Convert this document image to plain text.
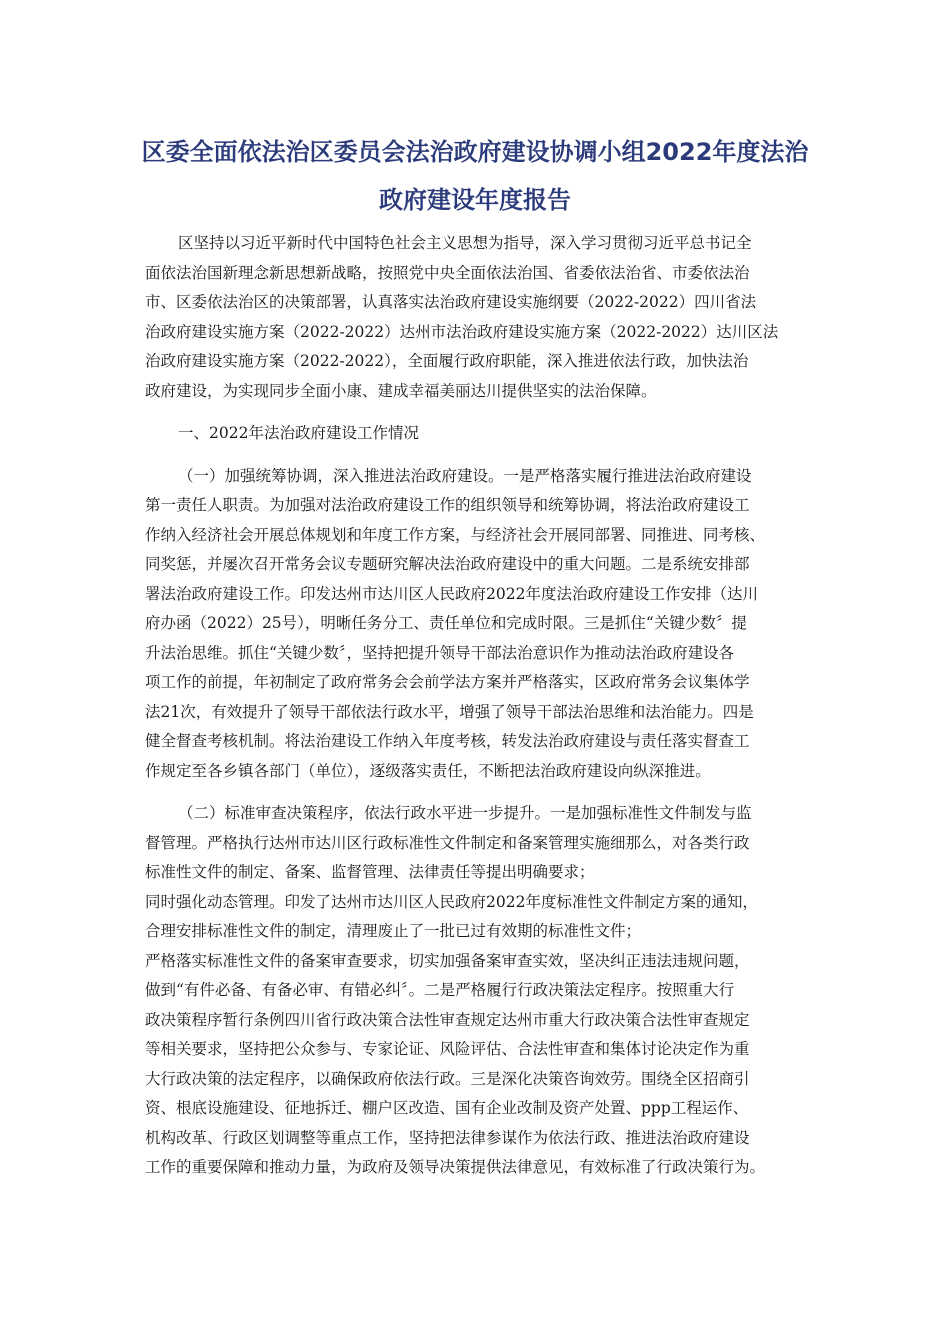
区委全面依法治区委员会法治政府建设协调小组2022年度法治
政府建设年度报告
区坚持以习近平新时代中国特色社会主义思想为指导，深入学习贯彻习近平总书记全
面依法治国新理念新思想新战略，按照党中央全面依法治国、省委依法治省、市委依法治
市、区委依法治区的决策部署，认真落实法治政府建设实施纲要（2022-2022）四川省法
治政府建设实施方案（2022-2022）达州市法治政府建设实施方案（2022-2022）达川区法
治政府建设实施方案（2022-2022），全面履行政府职能，深入推进依法行政，加快法治
政府建设，为实现同步全面小康、建成幸福美丽达川提供坚实的法治保障。
一、2022年法治政府建设工作情况
（一）加强统筹协调，深入推进法治政府建设。一是严格落实履行推进法治政府建设
第一责任人职责。为加强对法治政府建设工作的组织领导和统筹协调，将法治政府建设工
作纳入经济社会开展总体规划和年度工作方案，与经济社会开展同部署、同推进、同考核、
同奖惩，并屡次召开常务会议专题研究解决法治政府建设中的重大问题。二是系统安排部
署法治政府建设工作。印发达州市达川区人民政府2022年度法治政府建设工作安排（达川
府办函（2022）25号），明晰任务分工、责任单位和完成时限。三是抓住“关键少数〞提
升法治思维。抓住“关键少数〞，坚持把提升领导干部法治意识作为推动法治政府建设各
项工作的前提，年初制定了政府常务会会前学法方案并严格落实，区政府常务会议集体学
法21次，有效提升了领导干部依法行政水平，增强了领导干部法治思维和法治能力。四是
健全督查考核机制。将法治建设工作纳入年度考核，转发法治政府建设与责任落实督查工
作规定至各乡镇各部门（单位），逐级落实责任，不断把法治政府建设向纵深推进。
（二）标准审查决策程序，依法行政水平进一步提升。一是加强标准性文件制发与监
督管理。严格执行达州市达川区行政标准性文件制定和备案管理实施细那么，对各类行政
标准性文件的制定、备案、监督管理、法律责任等提出明确要求；
同时强化动态管理。印发了达州市达川区人民政府2022年度标准性文件制定方案的通知，
合理安排标准性文件的制定，清理废止了一批已过有效期的标准性文件；
严格落实标准性文件的备案审查要求，切实加强备案审查实效，坚决纠正违法违规问题，
做到“有件必备、有备必审、有错必纠〞。二是严格履行行政决策法定程序。按照重大行
政决策程序暂行条例四川省行政决策合法性审查规定达州市重大行政决策合法性审查规定
等相关要求，坚持把公众参与、专家论证、风险评估、合法性审查和集体讨论决定作为重
大行政决策的法定程序，以确保政府依法行政。三是深化决策咨询效劳。围绕全区招商引
资、根底设施建设、征地拆迁、棚户区改造、国有企业改制及资产处置、ppp工程运作、
机构改革、行政区划调整等重点工作，坚持把法律参谋作为依法行政、推进法治政府建设
工作的重要保障和推动力量，为政府及领导决策提供法律意见，有效标准了行政决策行为。
